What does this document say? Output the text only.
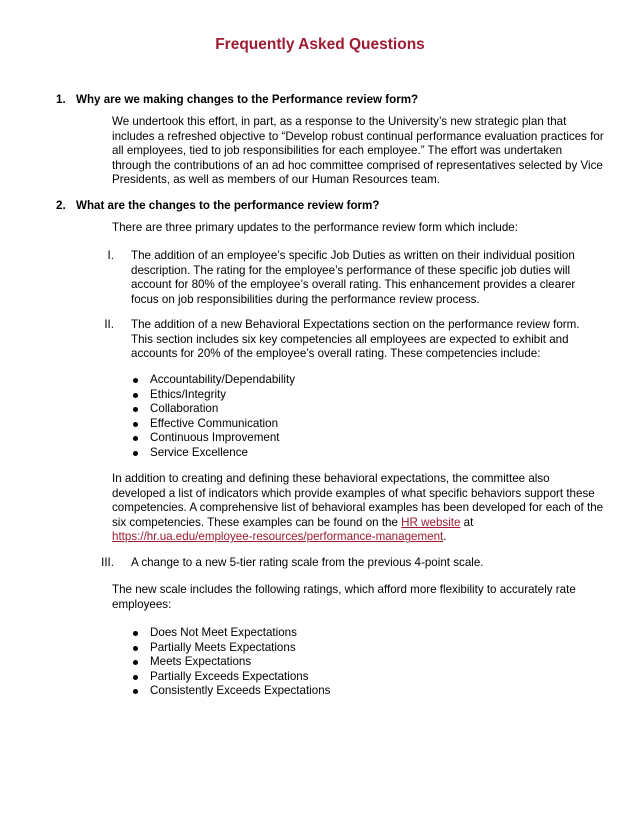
Frequently Asked Questions

1. Why are we making changes to the Performance review form?

We undertook this effort, in part, as a response to the University’s new strategic plan that includes a refreshed objective to “Develop robust continual performance evaluation practices for all employees, tied to job responsibilities for each employee.” The effort was undertaken through the contributions of an ad hoc committee comprised of representatives selected by Vice Presidents, as well as members of our Human Resources team.

2. What are the changes to the performance review form?

There are three primary updates to the performance review form which include:

I. The addition of an employee’s specific Job Duties as written on their individual position description. The rating for the employee’s performance of these specific job duties will account for 80% of the employee’s overall rating. This enhancement provides a clearer focus on job responsibilities during the performance review process.
II. The addition of a new Behavioral Expectations section on the performance review form. This section includes six key competencies all employees are expected to exhibit and accounts for 20% of the employee’s overall rating. These competencies include:
Accountability/Dependability
Ethics/Integrity
Collaboration
Effective Communication
Continuous Improvement
Service Excellence

In addition to creating and defining these behavioral expectations, the committee also developed a list of indicators which provide examples of what specific behaviors support these competencies. A comprehensive list of behavioral examples has been developed for each of the six competencies. These examples can be found on the HR website at https://hr.ua.edu/employee-resources/performance-management.

III. A change to a new 5-tier rating scale from the previous 4-point scale.

The new scale includes the following ratings, which afford more flexibility to accurately rate employees:

Does Not Meet Expectations
Partially Meets Expectations
Meets Expectations
Partially Exceeds Expectations
Consistently Exceeds Expectations
